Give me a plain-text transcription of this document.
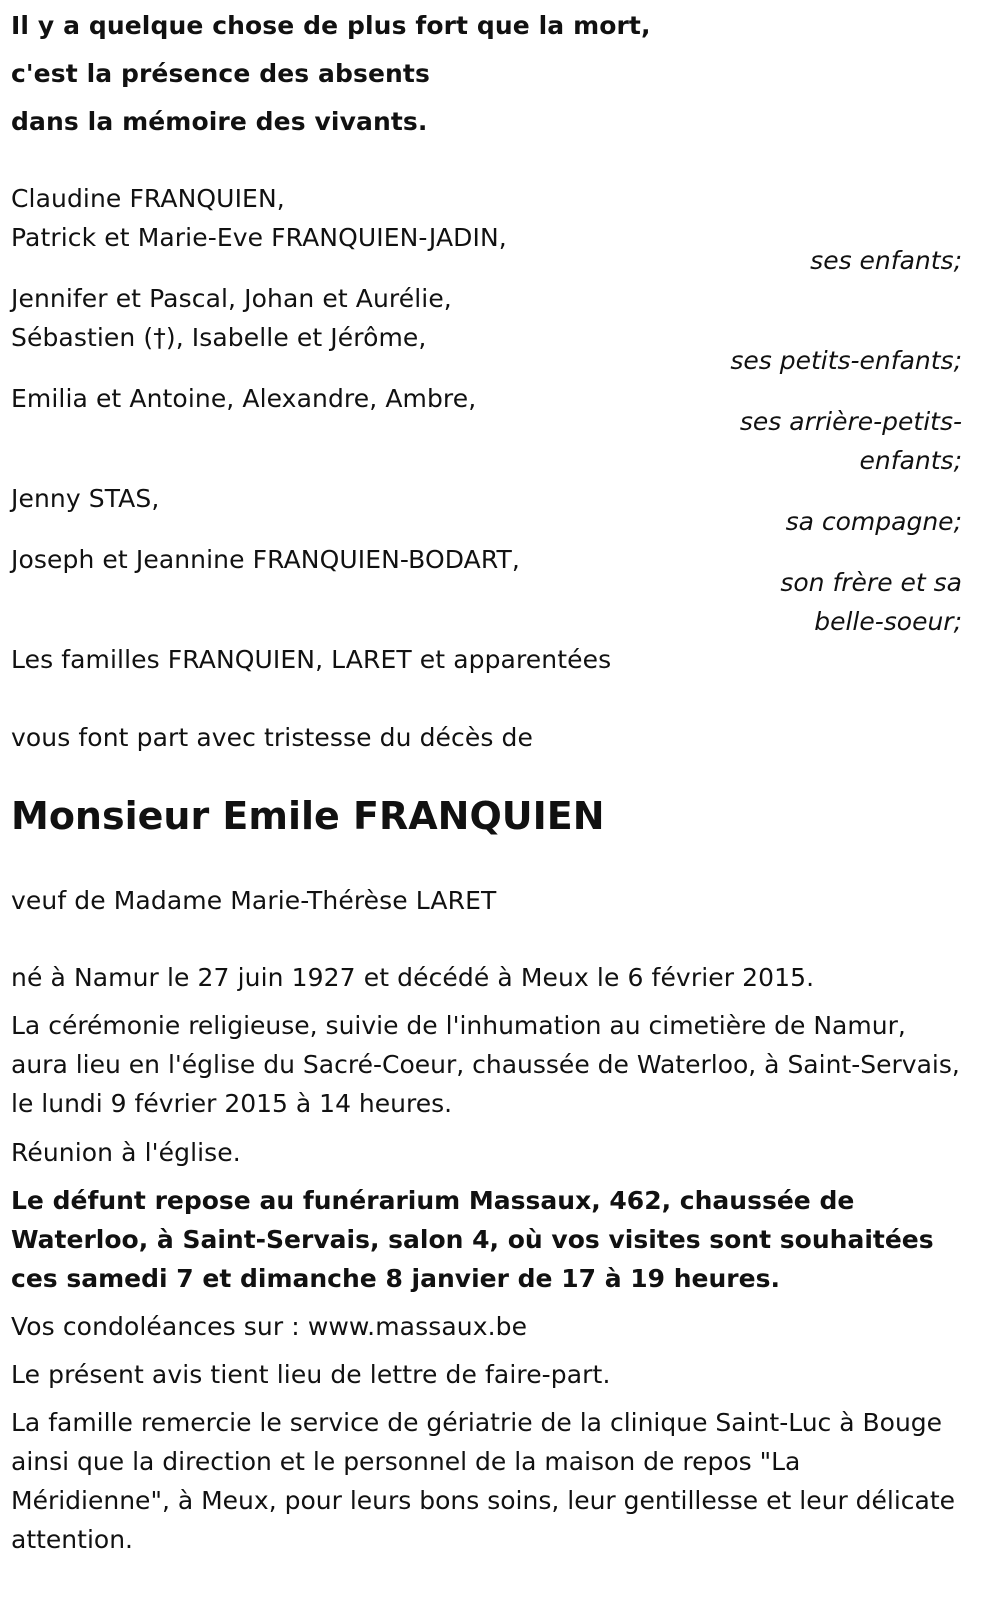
Il y a quelque chose de plus fort que la mort,
c'est la présence des absents
dans la mémoire des vivants.
Claudine FRANQUIEN,
Patrick et Marie-Eve FRANQUIEN-JADIN,
ses enfants;
Jennifer et Pascal, Johan et Aurélie,
Sébastien (†), Isabelle et Jérôme,
ses petits-enfants;
Emilia et Antoine, Alexandre, Ambre,
ses arrière-petits-
enfants;
Jenny STAS,
sa compagne;
Joseph et Jeannine FRANQUIEN-BODART,
son frère et sa
belle-soeur;
Les familles FRANQUIEN, LARET et apparentées
vous font part avec tristesse du décès de
Monsieur Emile FRANQUIEN
veuf de Madame Marie-Thérèse LARET
né à Namur le 27 juin 1927 et décédé à Meux le 6 février 2015.
La cérémonie religieuse, suivie de l'inhumation au cimetière de Namur, aura lieu en l'église du Sacré-Coeur, chaussée de Waterloo, à Saint-Servais, le lundi 9 février 2015 à 14 heures.
Réunion à l'église.
Le défunt repose au funérarium Massaux, 462, chaussée de Waterloo, à Saint-Servais, salon 4, où vos visites sont souhaitées ces samedi 7 et dimanche 8 janvier de 17 à 19 heures.
Vos condoléances sur : www.massaux.be
Le présent avis tient lieu de lettre de faire-part.
La famille remercie le service de gériatrie de la clinique Saint-Luc à Bouge ainsi que la direction et le personnel de la maison de repos "La Méridienne", à Meux, pour leurs bons soins, leur gentillesse et leur délicate attention.
